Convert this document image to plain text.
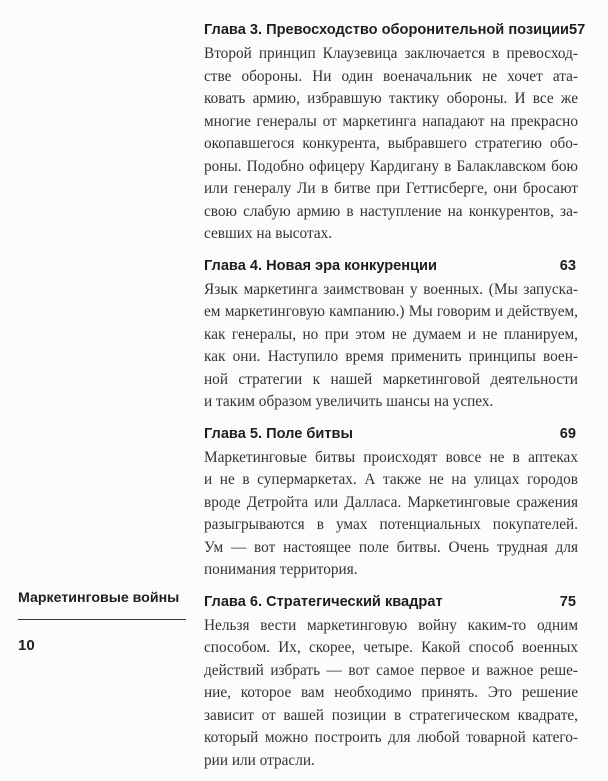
Глава 3. Превосходство оборонительной позиции 57

Второй принцип Клаузевица заключается в превосход-
стве обороны. Ни один военачальник не хочет ата-
ковать армию, избравшую тактику обороны. И все же
многие генералы от маркетинга нападают на прекрасно
окопавшегося конкурента, выбравшего стратегию обо-
роны. Подобно офицеру Кардигану в Балаклавском бою
или генералу Ли в битве при Геттисберге, они бросают
свою слабую армию в наступление на конкурентов, за-
севших на высотах.

Глава 4. Новая эра конкуренции	63

Язык маркетинга заимствован у военных. (Мы запускa-
ем маркетинговую кампанию.) Мы говорим и действуем,
как генералы, но при этом не думаем и не планируем,
как они. Наступило время применить принципы воен-
ной стратегии к нашей маркетинговой деятельности
и таким образом увеличить шансы на успех.

Глава 5. Поле битвы	69

Маркетинговые битвы происходят вовсе не в аптеках
и не в супермаркетах. А также не на улицах городов
вроде Детройта или Далласа. Маркетинговые сражения
разыгрываются в умах потенциальных покупателей.
Ум — вот настоящее поле битвы. Очень трудная для
понимания территория.

Глава 6. Стратегический квадрат	75

Нельзя вести маркетинговую войну каким-то одним
способом. Их, скорее, четыре. Какой способ военных
действий избрать — вот самое первое и важное реше-
ние, которое вам необходимо принять. Это решение
зависит от вашей позиции в стратегическом квадрате,
который можно построить для любой товарной катего-
рии или отрасли.

Маркетинговые войны
10
